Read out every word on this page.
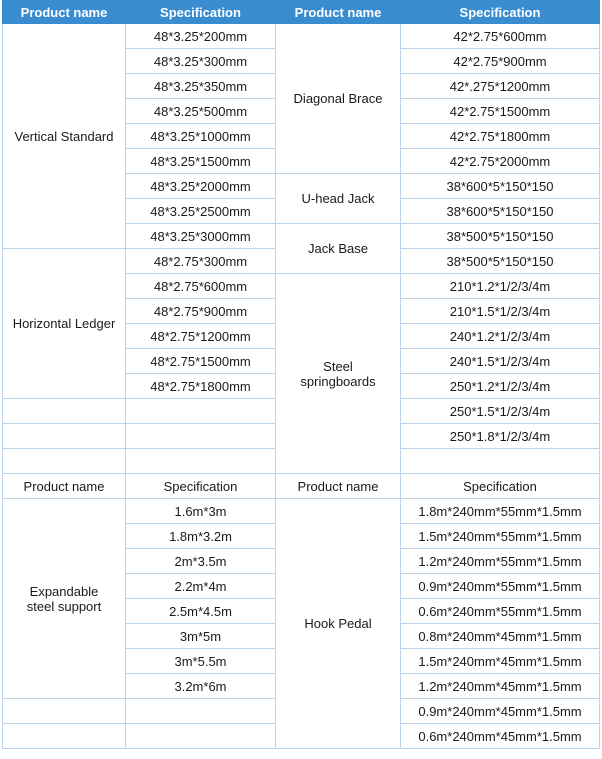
Product name	Specification	Product name	Specification
Vertical Standard	48*3.25*200mm	Diagonal Brace	42*2.75*600mm
	48*3.25*300mm		42*2.75*900mm
	48*3.25*350mm		42*.275*1200mm
	48*3.25*500mm		42*2.75*1500mm
	48*3.25*1000mm		42*2.75*1800mm
	48*3.25*1500mm		42*2.75*2000mm
	48*3.25*2000mm	U-head Jack	38*600*5*150*150
	48*3.25*2500mm		38*600*5*150*150
	48*3.25*3000mm	Jack Base	38*500*5*150*150
Horizontal Ledger	48*2.75*300mm		38*500*5*150*150
	48*2.75*600mm	Steel springboards	210*1.2*1/2/3/4m
	48*2.75*900mm		210*1.5*1/2/3/4m
	48*2.75*1200mm		240*1.2*1/2/3/4m
	48*2.75*1500mm		240*1.5*1/2/3/4m
	48*2.75*1800mm		250*1.2*1/2/3/4m
			250*1.5*1/2/3/4m
			250*1.8*1/2/3/4m

Product name	Specification	Product name	Specification
Expandable steel support	1.6m*3m	Hook Pedal	1.8m*240mm*55mm*1.5mm
	1.8m*3.2m		1.5m*240mm*55mm*1.5mm
	2m*3.5m		1.2m*240mm*55mm*1.5mm
	2.2m*4m		0.9m*240mm*55mm*1.5mm
	2.5m*4.5m		0.6m*240mm*55mm*1.5mm
	3m*5m		0.8m*240mm*45mm*1.5mm
	3m*5.5m		1.5m*240mm*45mm*1.5mm
	3.2m*6m		1.2m*240mm*45mm*1.5mm
			0.9m*240mm*45mm*1.5mm
			0.6m*240mm*45mm*1.5mm
